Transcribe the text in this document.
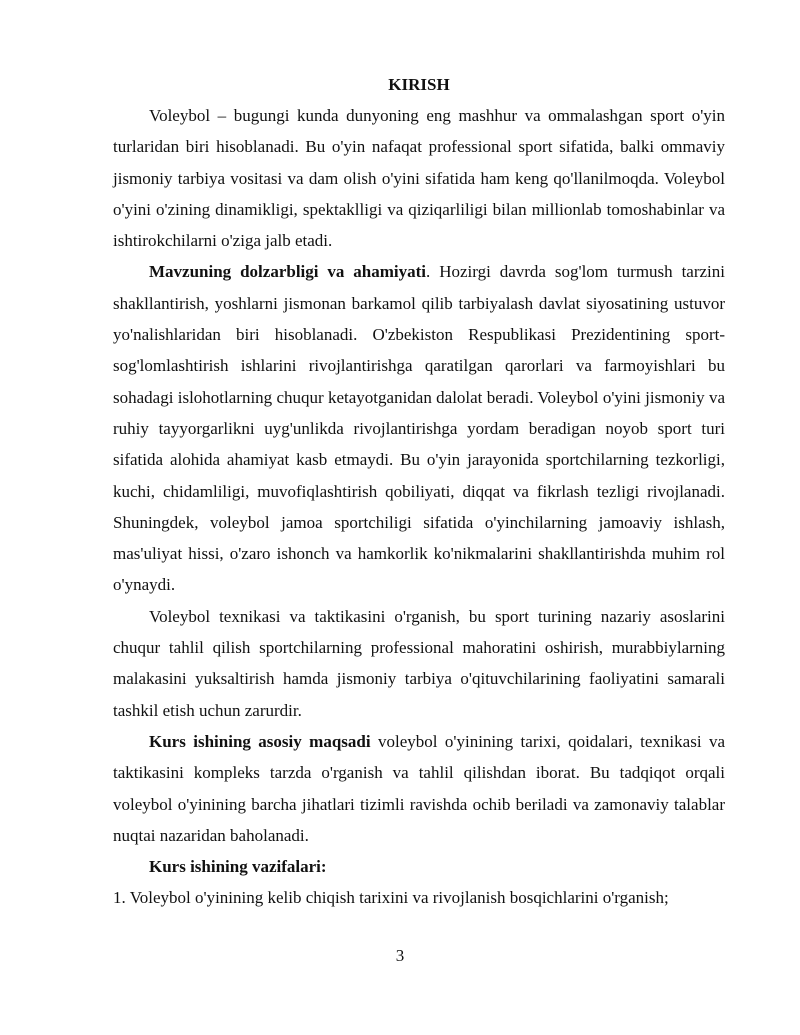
KIRISH

Voleybol – bugungi kunda dunyoning eng mashhur va ommalashgan sport o'yin turlaridan biri hisoblanadi. Bu o'yin nafaqat professional sport sifatida, balki ommaviy jismoniy tarbiya vositasi va dam olish o'yini sifatida ham keng qo'llanilmoqda. Voleybol o'yini o'zining dinamikligi, spektaklligi va qiziqarliligi bilan millionlab tomoshabinlar va ishtirokchilarni o'ziga jalb etadi.

Mavzuning dolzarbligi va ahamiyati. Hozirgi davrda sog'lom turmush tarzini shakllantirish, yoshlarni jismonan barkamol qilib tarbiyalash davlat siyosatining ustuvor yo'nalishlaridan biri hisoblanadi. O'zbekiston Respublikasi Prezidentining sport-sog'lomlashtirish ishlarini rivojlantirishga qaratilgan qarorlari va farmoyishlari bu sohadagi islohotlarning chuqur ketayotganidan dalolat beradi. Voleybol o'yini jismoniy va ruhiy tayyorgarlikni uyg'unlikda rivojlantirishga yordam beradigan noyob sport turi sifatida alohida ahamiyat kasb etmaydi. Bu o'yin jarayonida sportchilarning tezkorligi, kuchi, chidamliligi, muvofiqlashtirish qobiliyati, diqqat va fikrlash tezligi rivojlanadi. Shuningdek, voleybol jamoa sportchiligi sifatida o'yinchilarning jamoaviy ishlash, mas'uliyat hissi, o'zaro ishonch va hamkorlik ko'nikmalarini shakllantirishda muhim rol o'ynaydi.

Voleybol texnikasi va taktikasini o'rganish, bu sport turining nazariy asoslarini chuqur tahlil qilish sportchilarning professional mahoratini oshirish, murabbiylarning malakasini yuksaltirish hamda jismoniy tarbiya o'qituvchilarining faoliyatini samarali tashkil etish uchun zarurdir.

Kurs ishining asosiy maqsadi voleybol o'yinining tarixi, qoidalari, texnikasi va taktikasini kompleks tarzda o'rganish va tahlil qilishdan iborat. Bu tadqiqot orqali voleybol o'yinining barcha jihatlari tizimli ravishda ochib beriladi va zamonaviy talablar nuqtai nazaridan baholanadi.

Kurs ishining vazifalari:

1. Voleybol o'yinining kelib chiqish tarixini va rivojlanish bosqichlarini o'rganish;

3
